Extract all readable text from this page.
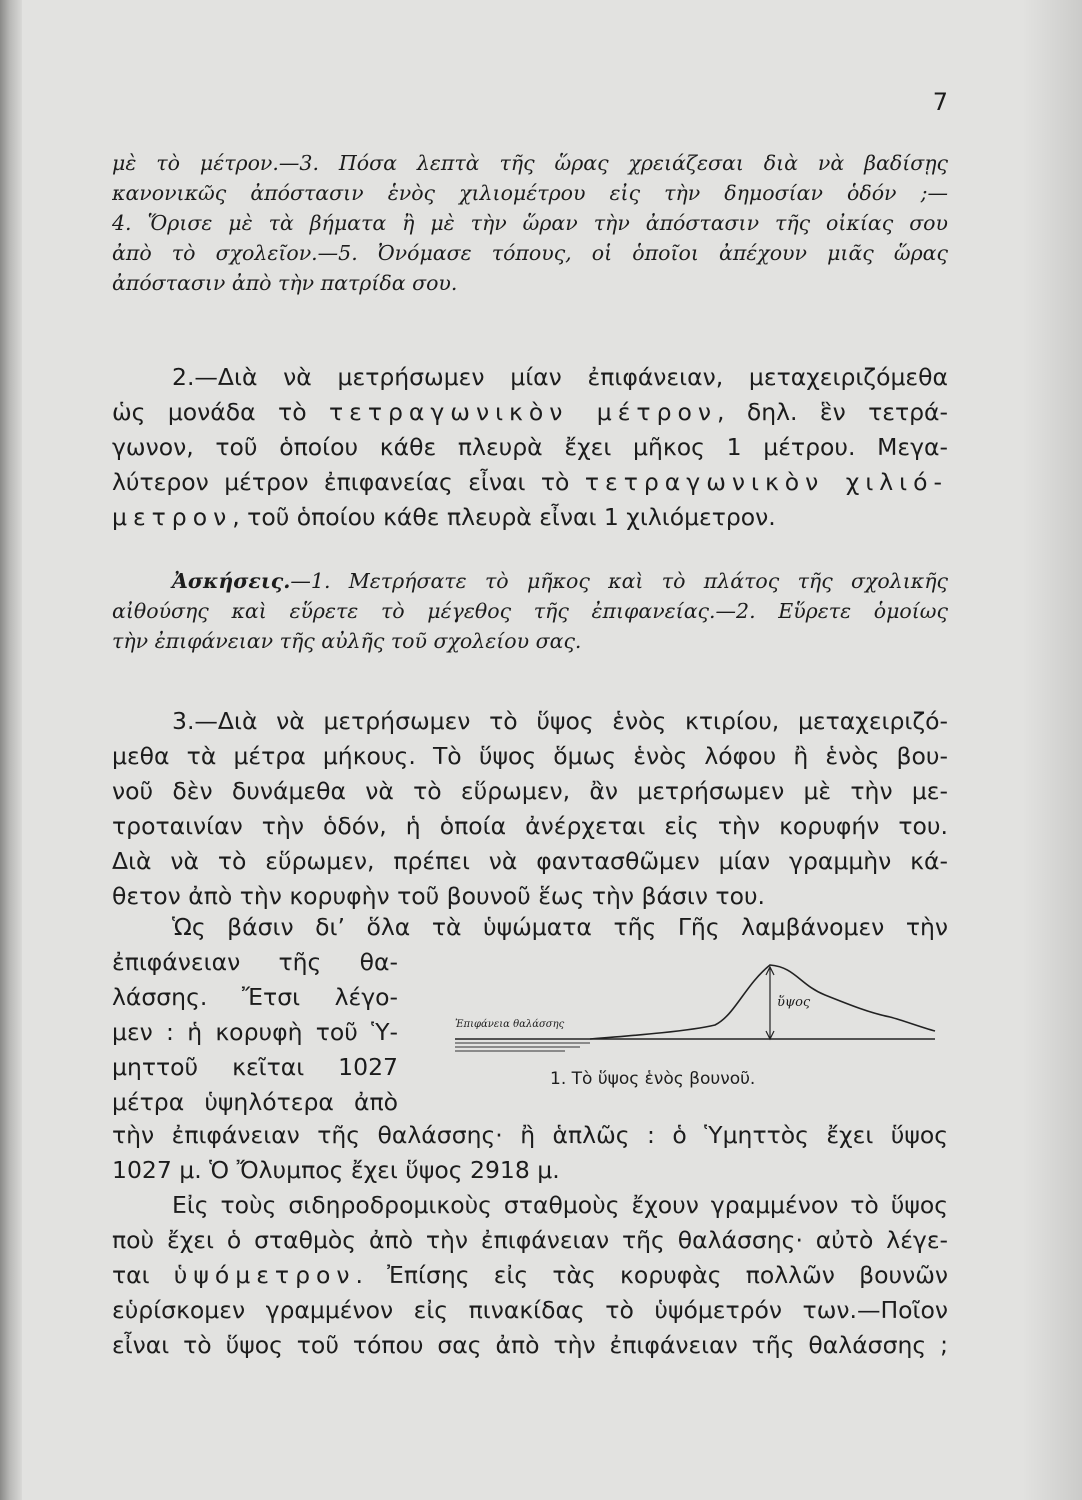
7
μὲ τὸ μέτρον.—3. Πόσα λεπτὰ τῆς ὥρας χρειάζεσαι διὰ νὰ βαδίσῃς
κανονικῶς ἀπόστασιν ἑνὸς χιλιομέτρου εἰς τὴν δημοσίαν ὁδόν ;—
4. Ὅρισε μὲ τὰ βήματα ἢ μὲ τὴν ὥραν τὴν ἀπόστασιν τῆς οἰκίας σου
ἀπὸ τὸ σχολεῖον.—5. Ὀνόμασε τόπους, οἱ ὁποῖοι ἀπέχουν μιᾶς ὥρας
ἀπόστασιν ἀπὸ τὴν πατρίδα σου.
2.—Διὰ νὰ μετρήσωμεν μίαν ἐπιφάνειαν, μεταχειριζόμεθα
ὡς μονάδα τὸ τετραγωνικὸν μέτρον, δηλ. ἓν τετρά-
γωνον, τοῦ ὁποίου κάθε πλευρὰ ἔχει μῆκος 1 μέτρου. Μεγα-
λύτερον μέτρον ἐπιφανείας εἶναι τὸ τετραγωνικὸν χιλιό-
μετρον, τοῦ ὁποίου κάθε πλευρὰ εἶναι 1 χιλιόμετρον.
Ἀσκήσεις.—1. Μετρήσατε τὸ μῆκος καὶ τὸ πλάτος τῆς σχολικῆς
αἰθούσης καὶ εὕρετε τὸ μέγεθος τῆς ἐπιφανείας.—2. Εὕρετε ὁμοίως
τὴν ἐπιφάνειαν τῆς αὐλῆς τοῦ σχολείου σας.
3.—Διὰ νὰ μετρήσωμεν τὸ ὕψος ἑνὸς κτιρίου, μεταχειριζό-
μεθα τὰ μέτρα μήκους. Τὸ ὕψος ὅμως ἑνὸς λόφου ἢ ἑνὸς βου-
νοῦ δὲν δυνάμεθα νὰ τὸ εὕρωμεν, ἂν μετρήσωμεν μὲ τὴν με-
τροταινίαν τὴν ὁδόν, ἡ ὁποία ἀνέρχεται εἰς τὴν κορυφήν του.
Διὰ νὰ τὸ εὕρωμεν, πρέπει νὰ φαντασθῶμεν μίαν γραμμὴν κά-
θετον ἀπὸ τὴν κορυφὴν τοῦ βουνοῦ ἕως τὴν βάσιν του.
Ὡς βάσιν δι’ ὅλα τὰ ὑψώματα τῆς Γῆς λαμβάνομεν τὴν
ἐπιφάνειαν τῆς θα-
λάσσης. Ἔτσι λέγο-
μεν : ἡ κορυφὴ τοῦ Ὑ-
μηττοῦ κεῖται 1027
μέτρα ὑψηλότερα ἀπὸ
Ἐπιφάνεια θαλάσσης
ὕψος
1. Τὸ ὕψος ἑνὸς βουνοῦ.
τὴν ἐπιφάνειαν τῆς θαλάσσης· ἢ ἁπλῶς : ὁ Ὑμηττὸς ἔχει ὕψος
1027 μ. Ὁ Ὄλυμπος ἔχει ὕψος 2918 μ.
Εἰς τοὺς σιδηροδρομικοὺς σταθμοὺς ἔχουν γραμμένον τὸ ὕψος
ποὺ ἔχει ὁ σταθμὸς ἀπὸ τὴν ἐπιφάνειαν τῆς θαλάσσης· αὐτὸ λέγε-
ται ὑψόμετρον. Ἐπίσης εἰς τὰς κορυφὰς πολλῶν βουνῶν
εὑρίσκομεν γραμμένον εἰς πινακίδας τὸ ὑψόμετρόν των.—Ποῖον
εἶναι τὸ ὕψος τοῦ τόπου σας ἀπὸ τὴν ἐπιφάνειαν τῆς θαλάσσης ;
